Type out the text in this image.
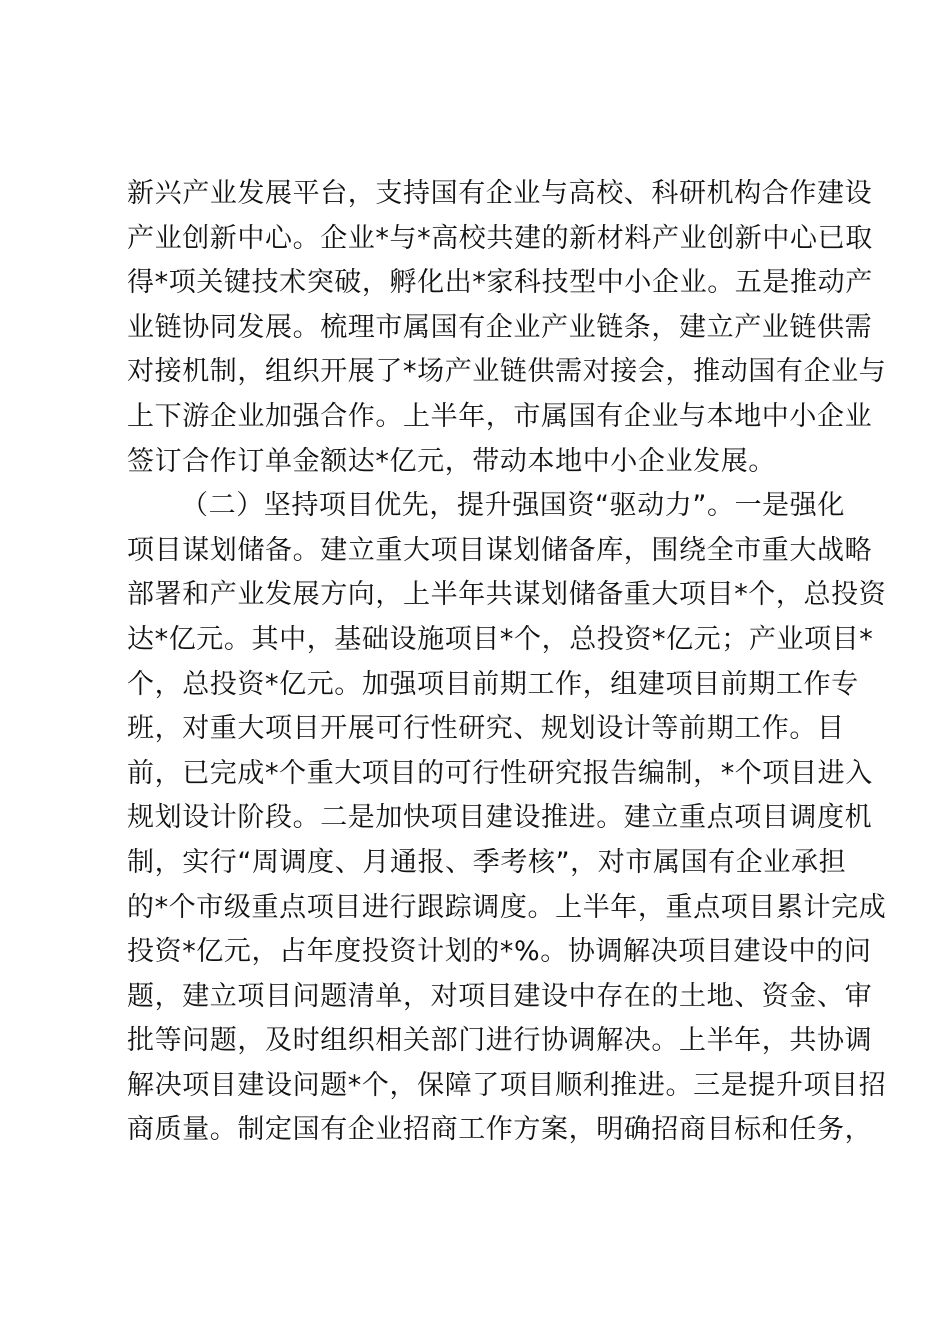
新兴产业发展平台，支持国有企业与高校、科研机构合作建设
产业创新中心。企业*与*高校共建的新材料产业创新中心已取
得*项关键技术突破，孵化出*家科技型中小企业。五是推动产
业链协同发展。梳理市属国有企业产业链条，建立产业链供需
对接机制，组织开展了*场产业链供需对接会，推动国有企业与
上下游企业加强合作。上半年，市属国有企业与本地中小企业
签订合作订单金额达*亿元，带动本地中小企业发展。
（二）坚持项目优先，提升强国资“驱动力”。一是强化
项目谋划储备。建立重大项目谋划储备库，围绕全市重大战略
部署和产业发展方向，上半年共谋划储备重大项目*个，总投资
达*亿元。其中，基础设施项目*个，总投资*亿元；产业项目*
个，总投资*亿元。加强项目前期工作，组建项目前期工作专
班，对重大项目开展可行性研究、规划设计等前期工作。目
前，已完成*个重大项目的可行性研究报告编制，*个项目进入
规划设计阶段。二是加快项目建设推进。建立重点项目调度机
制，实行“周调度、月通报、季考核”，对市属国有企业承担
的*个市级重点项目进行跟踪调度。上半年，重点项目累计完成
投资*亿元，占年度投资计划的*%。协调解决项目建设中的问
题，建立项目问题清单，对项目建设中存在的土地、资金、审
批等问题，及时组织相关部门进行协调解决。上半年，共协调
解决项目建设问题*个，保障了项目顺利推进。三是提升项目招
商质量。制定国有企业招商工作方案，明确招商目标和任务，
